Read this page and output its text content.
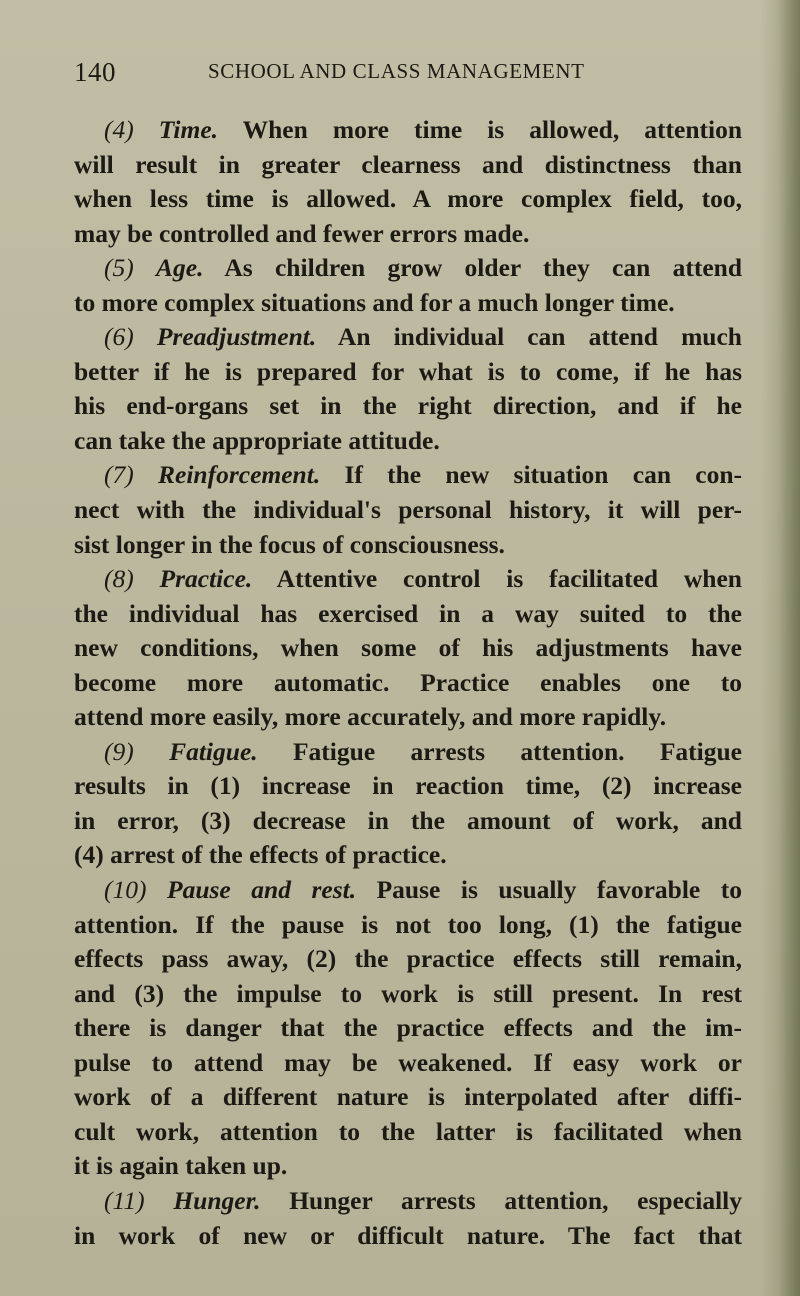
140	SCHOOL AND CLASS MANAGEMENT
(4) Time. When more time is allowed, attention
will result in greater clearness and distinctness than
when less time is allowed. A more complex field, too,
may be controlled and fewer errors made.
(5) Age. As children grow older they can attend
to more complex situations and for a much longer time.
(6) Preadjustment. An individual can attend much
better if he is prepared for what is to come, if he has
his end-organs set in the right direction, and if he
can take the appropriate attitude.
(7) Reinforcement. If the new situation can con-
nect with the individual's personal history, it will per-
sist longer in the focus of consciousness.
(8) Practice. Attentive control is facilitated when
the individual has exercised in a way suited to the
new conditions, when some of his adjustments have
become more automatic. Practice enables one to
attend more easily, more accurately, and more rapidly.
(9) Fatigue. Fatigue arrests attention. Fatigue
results in (1) increase in reaction time, (2) increase
in error, (3) decrease in the amount of work, and
(4) arrest of the effects of practice.
(10) Pause and rest. Pause is usually favorable to
attention. If the pause is not too long, (1) the fatigue
effects pass away, (2) the practice effects still remain,
and (3) the impulse to work is still present. In rest
there is danger that the practice effects and the im-
pulse to attend may be weakened. If easy work or
work of a different nature is interpolated after diffi-
cult work, attention to the latter is facilitated when
it is again taken up.
(11) Hunger. Hunger arrests attention, especially
in work of new or difficult nature. The fact that
